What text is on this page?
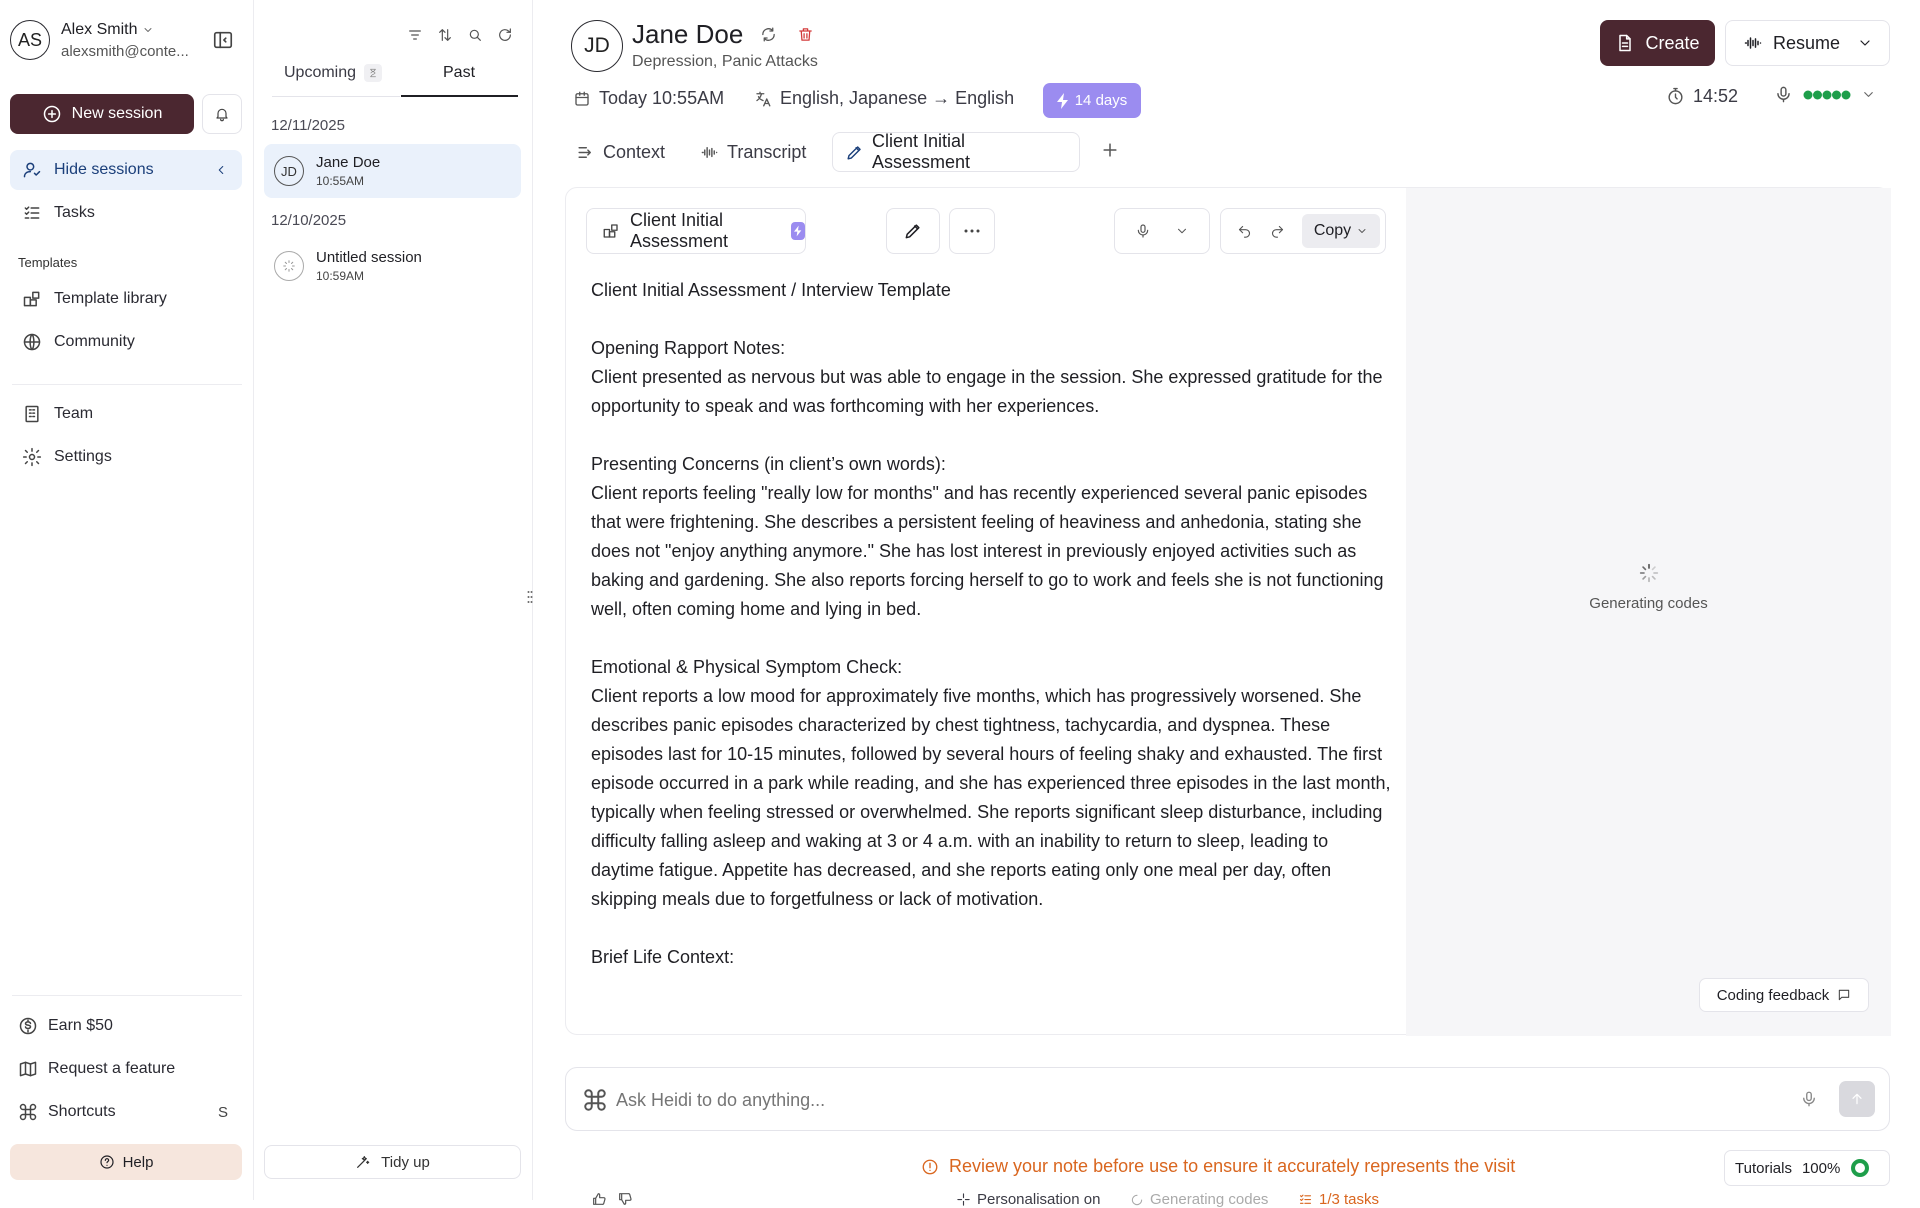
AS	Alex Smith
alexsmith@conte...
New session
Hide sessions
Tasks
Templates
Template library
Community
Team
Settings
Earn $50
Request a feature
Shortcuts	S
Help
Upcoming	Past
12/11/2025
JD	Jane Doe
10:55AM
12/10/2025
Untitled session
10:59AM
Tidy up
JD Jane Doe
Depression, Panic Attacks
Create	Resume
Today 10:55AM	English, Japanese → English	14 days	14:52
Context	Transcript
Client Initial Assessment
Client Initial Assessment
Copy
Client Initial Assessment / Interview Template

Opening Rapport Notes:
Client presented as nervous but was able to engage in the session. She expressed gratitude for the opportunity to speak and was forthcoming with her experiences.

Presenting Concerns (in client’s own words):
Client reports feeling "really low for months" and has recently experienced several panic episodes that were frightening. She describes a persistent feeling of heaviness and anhedonia, stating she does not "enjoy anything anymore." She has lost interest in previously enjoyed activities such as baking and gardening. She also reports forcing herself to go to work and feels she is not functioning well, often coming home and lying in bed.

Emotional & Physical Symptom Check:
Client reports a low mood for approximately five months, which has progressively worsened. She describes panic episodes characterized by chest tightness, tachycardia, and dyspnea. These episodes last for 10-15 minutes, followed by several hours of feeling shaky and exhausted. The first episode occurred in a park while reading, and she has experienced three episodes in the last month, typically when feeling stressed or overwhelmed. She reports significant sleep disturbance, including difficulty falling asleep and waking at 3 or 4 a.m. with an inability to return to sleep, leading to daytime fatigue. Appetite has decreased, and she reports eating only one meal per day, often skipping meals due to forgetfulness or lack of motivation.

Brief Life Context:
Personalisation on	Generating codes	1/3 tasks
Generating codes
Coding feedback
Ask Heidi to do anything...
Review your note before use to ensure it accurately represents the visit	Tutorials 100%
